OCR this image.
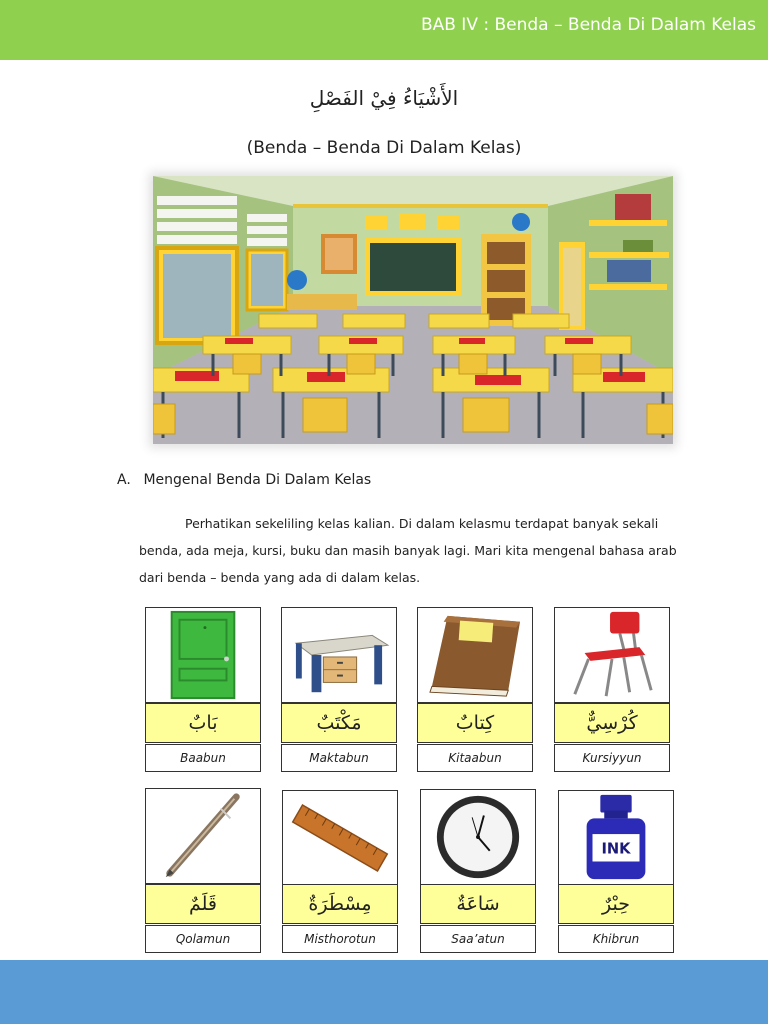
BAB IV : Benda – Benda Di Dalam Kelas
الأَشْيَاءُ فِيْ الفَصْلِ
(Benda – Benda Di Dalam Kelas)
A. Mengenal Benda Di Dalam Kelas
Perhatikan sekeliling kelas kalian. Di dalam kelasmu terdapat banyak sekali benda, ada meja, kursi, buku dan masih banyak lagi. Mari kita mengenal bahasa arab dari benda – benda yang ada di dalam kelas.
بَابٌ
Baabun
مَكْتَبٌ
Maktabun
كِتابٌ
Kitaabun
كُرْسِيٌّ
Kursiyyun
قَلَمٌ
Qolamun
مِسْطَرَةٌ
Misthorotun
سَاعَةٌ
Saa’atun
INK
حِبْرٌ
Khibrun
